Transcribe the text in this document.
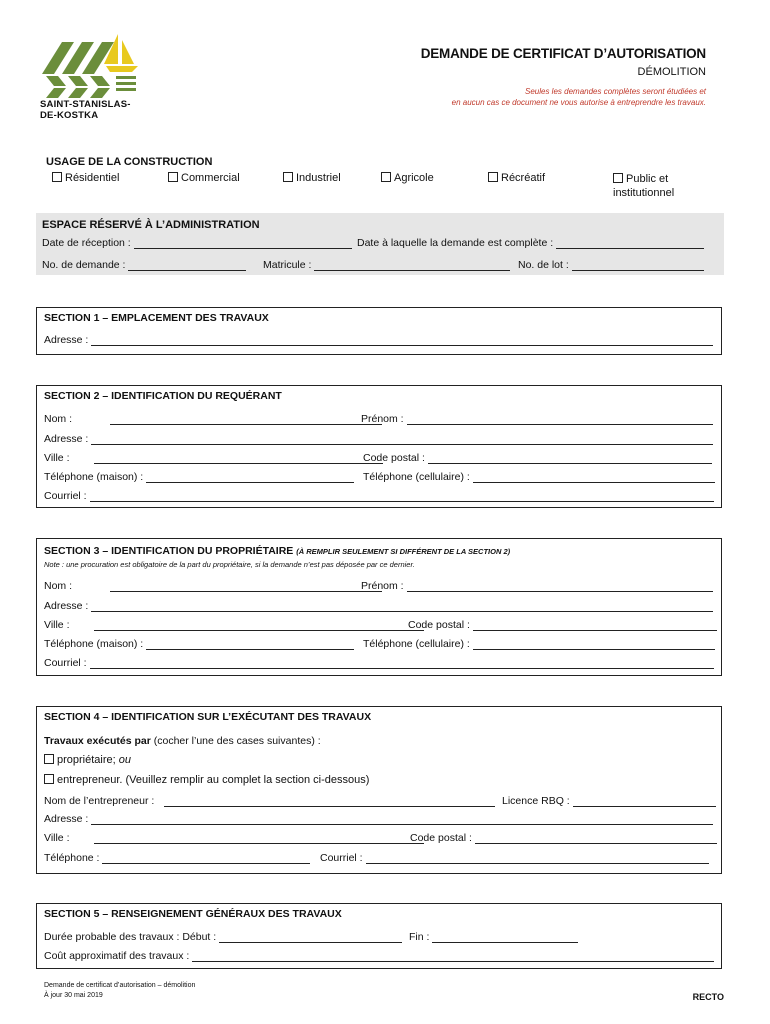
SAINT-STANISLAS-
DE-KOSTKA
DEMANDE DE CERTIFICAT D’AUTORISATION
DÉMOLITION
Seules les demandes complètes seront étudiées et
en aucun cas ce document ne vous autorise à entreprendre les travaux.
USAGE DE LA CONSTRUCTION
Résidentiel	Commercial	Industriel	Agricole	Récréatif	Public et
institutionnel
ESPACE RÉSERVÉ À L’ADMINISTRATION
Date de réception :	Date à laquelle la demande est complète :
No. de demande :	Matricule :	No. de lot :
SECTION 1 – EMPLACEMENT DES TRAVAUX
Adresse :
SECTION 2 – IDENTIFICATION DU REQUÉRANT
Nom :	Prénom :
Adresse :
Ville :	Code postal :
Téléphone (maison) :	Téléphone (cellulaire) :
Courriel :
SECTION 3 – IDENTIFICATION DU PROPRIÉTAIRE (À REMPLIR SEULEMENT SI DIFFÉRENT DE LA SECTION 2)
Note : une procuration est obligatoire de la part du propriétaire, si la demande n’est pas déposée par ce dernier.
Nom :	Prénom :
Adresse :
Ville :	Code postal :
Téléphone (maison) :	Téléphone (cellulaire) :
Courriel :
SECTION 4 – IDENTIFICATION SUR L’EXÉCUTANT DES TRAVAUX
Travaux exécutés par (cocher l’une des cases suivantes) :
propriétaire; ou
entrepreneur. (Veuillez remplir au complet la section ci-dessous)
Nom de l’entrepreneur :	Licence RBQ :
Adresse :
Ville :	Code postal :
Téléphone :	Courriel :
SECTION 5 – RENSEIGNEMENT GÉNÉRAUX DES TRAVAUX
Durée probable des travaux : Début :	Fin :
Coût approximatif des travaux :
Demande de certificat d’autorisation – démolition
À jour 30 mai 2019	RECTO
